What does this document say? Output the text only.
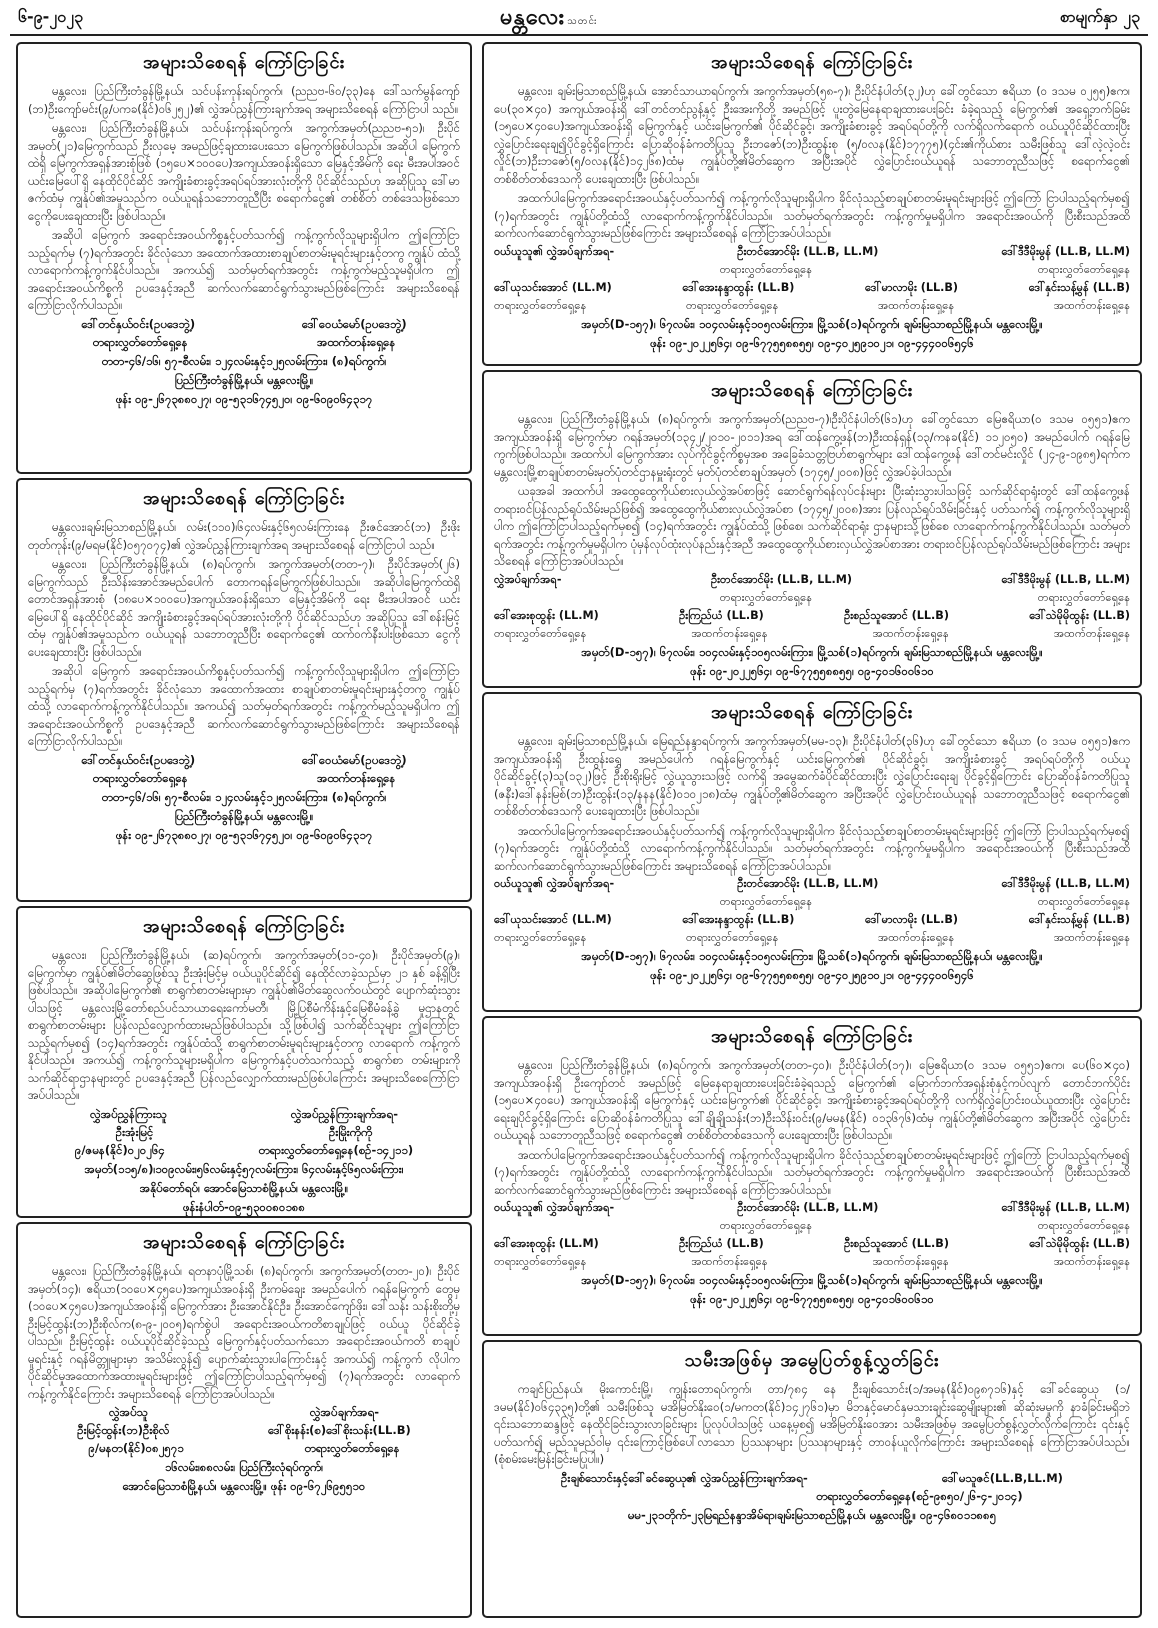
၆-၉-၂၀၂၃	မန္တလေး သတင်း	စာမျက်နှာ ၂၃
အများသိစေရန် ကြော်ငြာခြင်း

မန္တလေး၊ ပြည်ကြီးတံခွန်မြို့နယ်၊ သင်ပန်းကုန်းရပ်ကွက်၊ (ညညဗ-၆၀/၃၃)နေ ဒေါ်သက်မွန်ကျော် (ဘ)ဦးကျော်မင်း(၉/ပကခ(နိုင်)၀၆၂၅၂)၏ လွှဲအပ်ညွှန်ကြားချက်အရ အများသိစေရန် ကြော်ငြာပါ သည်။

မန္တလေး၊ ပြည်ကြီးတံခွန်မြို့နယ်၊ သင်ပန်းကုန်းရပ်ကွက်၊ အကွက်အမှတ်(ညညဗ-၅၁)၊ ဦးပိုင် အမှတ်(၂၁)မြေကွက်သည် ဦးလှမေ့ အမည်ဖြင့်ချထားပေးသော မြေကွက်ဖြစ်ပါသည်။ အဆိုပါ မြေကွက်ထဲရှိ မြေကွက်အရှန်အားစုံဖြစ် (၁၅ပေ×၁၀၀ပေ)အကျယ်အဝန်းရှိသော မြေနှင့်အိမ်ကို ရေး မီးအပါအဝင် ယင်းမြေပေါ်ရှိ နေထိုင်ပိုင်ဆိုင် အကျိုးခံစားခွင့်အရပ်ရပ်အားလုံးတို့ကို ပိုင်ဆိုင်သည်ဟု အဆိုပြုသူ ဒေါ်မာဇက်ထံမှ ကျွန်ုပ်၏အမှုသည်က ဝယ်ယူရန်သဘောတူညီပြီး စရောက်ငွေ၏ တစ်စိတ် တစ်ဒေသဖြစ်သော ငွေကိုပေးချေထားပြီး ဖြစ်ပါသည်။

အဆိုပါ မြေကွက် အရောင်းအဝယ်ကိစ္စနှင့်ပတ်သက်၍ ကန့်ကွက်လိုသူများရှိပါက ဤကြော်ငြာ သည့်ရက်မှ (၇)ရက်အတွင်း ခိုင်လုံသော အထောက်အထားစာချုပ်စာတမ်းမူရင်းများနှင့်တကွ ကျွန်ုပ် ထံသို့ လာရောက်ကန့်ကွက်နိုင်ပါသည်။ အကယ်၍ သတ်မှတ်ရက်အတွင်း ကန့်ကွက်မည့်သူမရှိပါက ဤအရောင်းအဝယ်ကိစ္စကို ဥပဒေနှင့်အညီ ဆက်လက်ဆောင်ရွက်သွားမည်ဖြစ်ကြောင်း အများသိစေရန် ကြော်ငြာလိုက်ပါသည်။

ဒေါ်တင်နှယ်ဝင်း(ဥပဒေဘွဲ့)	ဒေါ်ဝေယံမော်(ဥပဒေဘွဲ့)
တရားလွှတ်တော်ရှေ့နေ	အထက်တန်းရှေ့နေ
တတ-၄၆/၁၆၊ ၅၇-စီလမ်း၊ ၁၂၄လမ်းနှင့်၁၂၅လမ်းကြား၊ (၈)ရပ်ကွက်၊
ပြည်ကြီးတံခွန်မြို့နယ်၊ မန္တလေးမြို့။
ဖုန်း ၀၉-၂၆၇၃၈၈၀၂၇၊ ၀၉-၅၃၁၆၇၄၅၂၀၊ ၀၉-၆၀၉၀၆၄၃၁၇
အများသိစေရန် ကြော်ငြာခြင်း

မန္တလေး၊ချမ်းမြသာစည်မြို့နယ်၊ လမ်း(၁၁၀)၊၆၄လမ်းနှင့်၆၅လမ်းကြားနေ ဦးဇင်အောင်(ဘ) ဦးဖိုးတုတ်ကုန်း(၉/မရမ(နိုင်)၀၅၇၀၇၄)၏ လွှဲအပ်ညွှန်ကြားချက်အရ အများသိစေရန် ကြော်ငြာပါ သည်။

မန္တလေး၊ ပြည်ကြီးတံခွန်မြို့နယ်၊ (၈)ရပ်ကွက်၊ အကွက်အမှတ်(တတ-၇)၊ ဦးပိုင်အမှတ်(၂၆) မြေကွက်သည် ဦးသိန်းအောင်အမည်ပေါက် တောကရန်မြေကွက်ဖြစ်ပါသည်။ အဆိုပါမြေကွက်ထဲရှိ တောင်အရှန်အားစုံ (၁၈ပေ×၁၀၀ပေ)အကျယ်အဝန်းရှိသော မြေနှင့်အိမ်ကို ရေး မီးအပါအဝင် ယင်းမြေပေါ်ရှိ နေထိုင်ပိုင်ဆိုင် အကျိုးခံစားခွင့်အရပ်ရပ်အားလုံးတို့ကို ပိုင်ဆိုင်သည်ဟု အဆိုပြုသူ ဒေါ်စန်းမြင့်ထံမှ ကျွန်ုပ်၏အမှုသည်က ဝယ်ယူရန် သဘောတူညီပြီး စရောက်ငွေ၏ ထက်ဝက်နီးပါးဖြစ်သော ငွေကို ပေးချေထားပြီး ဖြစ်ပါသည်။

အဆိုပါ မြေကွက် အရောင်းအဝယ်ကိစ္စနှင့်ပတ်သက်၍ ကန့်ကွက်လိုသူများရှိပါက ဤကြော်ငြာ သည့်ရက်မှ (၇)ရက်အတွင်း ခိုင်လုံသော အထောက်အထား စာချုပ်စာတမ်းမူရင်းများနှင့်တကွ ကျွန်ုပ် ထံသို့ လာရောက်ကန့်ကွက်နိုင်ပါသည်။ အကယ်၍ သတ်မှတ်ရက်အတွင်း ကန့်ကွက်မည့်သူမရှိပါက ဤအရောင်းအဝယ်ကိစ္စကို ဥပဒေနှင့်အညီ ဆက်လက်ဆောင်ရွက်သွားမည်ဖြစ်ကြောင်း အများသိစေရန် ကြော်ငြာလိုက်ပါသည်။

ဒေါ်တင်နှယ်ဝင်း(ဥပဒေဘွဲ့)	ဒေါ်ဝေယံမော်(ဥပဒေဘွဲ့)
တရားလွှတ်တော်ရှေ့နေ	အထက်တန်းရှေ့နေ
တတ-၄၆/၁၆၊ ၅၇-စီလမ်း၊ ၁၂၄လမ်းနှင့်၁၂၅လမ်းကြား၊ (၈)ရပ်ကွက်၊
ပြည်ကြီးတံခွန်မြို့နယ်၊ မန္တလေးမြို့။
ဖုန်း ၀၉-၂၆၇၃၈၈၀၂၇၊ ၀၉-၅၃၁၆၇၄၅၂၀၊ ၀၉-၆၀၉၀၆၄၃၁၇
အများသိစေရန် ကြော်ငြာခြင်း

မန္တလေး၊ ပြည်ကြီးတံခွန်မြို့နယ်၊ (ဆ)ရပ်ကွက်၊ အကွက်အမှတ်(၁၁-၄၀)၊ ဦးပိုင်အမှတ်(၉)၊ မြေကွက်မှာ ကျွန်ုပ်၏မိတ်ဆွေဖြစ်သူ ဦးအုံးမြင့်မှ ဝယ်ယူပိုင်ဆိုင်၍ နေထိုင်လာခဲ့သည်မှာ ၂၁ နှစ် ခန့်ရှိပြီး ဖြစ်ပါသည်။ အဆိုပါမြေကွက်၏ စာရွက်စာတမ်းများမှာ ကျွန်ုပ်၏မိတ်ဆွေလက်ဝယ်တွင် ပျောက်ဆုံးသွားပါသဖြင့် မန္တလေးမြို့တော်စည်ပင်သာယာရေးကော်မတီ၊ မြို့ပြစီမံကိန်းနှင့်မြေစီမံခန့်ခွဲ မှုဌာနတွင် စာရွက်စာတမ်းများ ပြန်လည်လျှောက်ထားမည်ဖြစ်ပါသည်။ သို့ဖြစ်ပါ၍ သက်ဆိုင်သူများ ဤကြော်ငြာသည့်ရက်မှစ၍ (၁၄)ရက်အတွင်း ကျွန်ုပ်ထံသို့ စာရွက်စာတမ်းမူရင်းများနှင့်တကွ လာရောက် ကန့်ကွက်နိုင်ပါသည်။ အကယ်၍ ကန့်ကွက်သူများမရှိပါက မြေကွက်နှင့်ပတ်သက်သည့် စာရွက်စာ တမ်းများကို သက်ဆိုင်ရာဌာနများတွင် ဥပဒေနှင့်အညီ ပြန်လည်လျှောက်ထားမည်ဖြစ်ပါကြောင်း အများသိစေကြော်ငြာအပ်ပါသည်။

လွှဲအပ်ညွှန်ကြားသူ	လွှဲအပ်ညွှန်ကြားချက်အရ-
ဦးအုံးမြင့်	ဦးမြိုးကိုကို
၉/ဇမန(နိုင်)၀၂၀၂၆၄	တရားလွှတ်တော်ရှေ့နေ(စဉ်-၁၄၂၁၁)
အမှတ်(၁၁၅/၈)၊၁၀၉လမ်း၊၅၆လမ်းနှင့်၅၇လမ်းကြား၊ ၆၄လမ်းနှင့်၆၅လမ်းကြား၊
အနိုပ်တော်ရပ်၊ အောင်မြေသာစံမြို့နယ်၊ မန္တလေးမြို့။
ဖုန်းနံပါတ်-၀၉-၅၃၀၀၈၀၁၈၈
အများသိစေရန် ကြော်ငြာခြင်း

မန္တလေး၊ ပြည်ကြီးတံခွန်မြို့နယ်၊ ရတနာပုံမြို့သစ်၊ (၈)ရပ်ကွက်၊ အကွက်အမှတ်(တတ-၂၀)၊ ဦးပိုင်အမှတ်(၁၄)၊ ဧရိယာ(၁၀ပေ×၄၅ပေ)အကျယ်အဝန်းရှိ ဦးကမ်ချေး အမည်ပေါက် ဂရန်မြေကွက် တွေမှ (၁၀ပေ×၄၅ပေ)အကျယ်အဝန်းရှိ မြေကွက်အား ဦးအောင်နိုင်ဦး၊ ဦးအောင်ကျော်ဖိုး၊ ဒေါ်သန်း သန်းစိုးတို့မှ ဦးမြင့်ထွန်း(ဘ)ဦးစိုလ်က(၈-၉-၂၀၀၅)ရက်စွဲပါ အရောင်းအဝယ်ကတိစာချုပ်ဖြင့် ဝယ်ယူ ပိုင်ဆိုင်ခဲ့ပါသည်။ ဦးမြင့်ထွန်း ဝယ်ယူပိုင်ဆိုင်ခဲ့သည့် မြေကွက်နှင့်ပတ်သက်သော အရောင်းအဝယ်ကတိ စာချုပ်မူရင်းနှင့် ဂရန်မိတ္တူများမှာ အသိမ်းလွန်၍ ပျောက်ဆုံးသွားပါကြောင်းနှင့် အကယ်၍ ကန့်ကွက် လိုပါက ပိုင်ဆိုင်မှုအထောက်အထားမူရင်းများဖြင့် ဤကြော်ငြာပါသည့်ရက်မှစ၍ (၇)ရက်အတွင်း လာရောက်ကန့်ကွက်နိုင်ကြောင်း အများသိစေရန် ကြော်ငြာအပ်ပါသည်။

လွှဲအပ်သူ	လွှဲအပ်ချက်အရ-
ဦးမြင့်ထွန်း(ဘ)ဦးစိုလ်	ဒေါ်စိုးနန်း(စ)ဒေါ်စိုးသန်း(LL.B)
၉/မနတ(နိုင်)၀၈၂၅၇၁	တရားလွှတ်တော်ရှေ့နေ
၁၆လမ်း၊၈၈လမ်း၊ ပြည်ကြီးလုံရပ်ကွက်၊
အောင်မြေသာစံမြို့နယ်၊ မန္တလေးမြို့။ ဖုန်း ၀၉-၆၇၂၆၉၅၅၁၀
အများသိစေရန် ကြော်ငြာခြင်း

မန္တလေး၊ ချမ်းမြသာစည်မြို့နယ်၊ အောင်သာယာရပ်ကွက်၊ အကွက်အမှတ်(၅၈-၇)၊ ဦးပိုင်နံပါတ်(၃၂)ဟု ခေါ်တွင်သော ဧရိယာ (၀ ဒသမ ၀၂၅၅)ဧက၊ ပေ(၃၀×၄၀) အကျယ်အဝန်းရှိ ဒေါ်တင်တင်ညွန့်နှင့် ဦးအေးကိုတို့ အမည်ဖြင့် ပူးတွဲမြေနေရာချထားပေးခြင်း ခံခဲ့ရသည့် မြေကွက်၏ အရှေ့ဘက်ခြမ်း (၁၅ပေ×၄၀ပေ)အကျယ်အဝန်းရှိ မြေကွက်နှင့် ယင်းမြေကွက်၏ ပိုင်ဆိုင်ခွင့်၊ အကျိုးခံစားခွင့် အရပ်ရပ်တို့ကို လက်ရှိလက်ရောက် ဝယ်ယူပိုင်ဆိုင်ထားပြီး လွှဲပြောင်းရေးချ၍ပိုင်ခွင့်ရှိကြောင်း ပြောဆိုဝန်ခံကတိပြုသူ ဦးဘဇော်(ဘ)ဦးထွန်းစု (၅/ဝလန(နိုင်)၁၇၇၇၅)(၄င်း၏ကိုယ်စား သမီးဖြစ်သူ ဒေါ်လဲ့လဲ့ဝင်းလှိုင်(ဘ)ဦးဘဇော်(၅/ဝလန(နိုင်)၁၄၂၆၈)ထံမှ ကျွန်ုပ်တို့၏မိတ်ဆွေက အပြီးအပိုင် လွှဲပြောင်းဝယ်ယူရန် သဘောတူညီသဖြင့် စရောက်ငွေ၏ တစ်စိတ်တစ်ဒေသကို ပေးချေထားပြီး ဖြစ်ပါသည်။

အထက်ပါမြေကွက်အရောင်းအဝယ်နှင့်ပတ်သက်၍ ကန့်ကွက်လိုသူများရှိပါက ခိုင်လုံသည့်စာချုပ်စာတမ်းမူရင်းများဖြင့် ဤကြော် ငြာပါသည့်ရက်မှစ၍ (၇)ရက်အတွင်း ကျွန်ုပ်တို့ထံသို့ လာရောက်ကန့်ကွက်နိုင်ပါသည်။ သတ်မှတ်ရက်အတွင်း ကန့်ကွက်မှုမရှိပါက အရောင်းအဝယ်ကို ပြီးစီးသည်အထိ ဆက်လက်ဆောင်ရွက်သွားမည်ဖြစ်ကြောင်း အများသိစေရန် ကြော်ငြာအပ်ပါသည်။

ဝယ်ယူသူ၏ လွှဲအပ်ချက်အရ-	ဦးတင်အောင်မိုး (LL.B, LL.M)	ဒေါ်ဒီဒီမိုးမွန် (LL.B, LL.M)
တရားလွှတ်တော်ရှေ့နေ	တရားလွှတ်တော်ရှေ့နေ
ဒေါ်ယုသင်းအောင် (LL.M)	ဒေါ်အေးနန္ဒာထွန်း (LL.B)	ဒေါ်မာလာမိုး (LL.B)	ဒေါ်နှင်းသန့်မွန် (LL.B)
တရားလွှတ်တော်ရှေ့နေ	တရားလွှတ်တော်ရှေ့နေ	အထက်တန်းရှေ့နေ	အထက်တန်းရှေ့နေ
အမှတ်(D-၁၅၇)၊ ၆၇လမ်း၊ ၁၀၄လမ်းနှင့်၁၀၅လမ်းကြား၊ မြို့သစ်(၁)ရပ်ကွက်၊ ချမ်းမြသာစည်မြို့နယ်၊ မန္တလေးမြို့။
ဖုန်း ၀၉-၂၀၂၂၅၆၄၊ ၀၉-၆၇၇၅၅၈၈၅၅၊ ၀၉-၄၀၂၅၉၁၀၂၁၊ ၀၉-၄၄၄၀၀၆၅၄၆
အများသိစေရန် ကြော်ငြာခြင်း

မန္တလေး၊ ပြည်ကြီးတံခွန်မြို့နယ်၊ (၈)ရပ်ကွက်၊ အကွက်အမှတ်(ညညဗ-၇)၊ဦးပိုင်နံပါတ်(၆၁)ဟု ခေါ်တွင်သော မြေဧရိယာ(၀ ဒသမ ၀၅၅၁)ဧက အကျယ်အဝန်းရှိ မြေကွက်မှာ ဂရန်အမှတ်(၁၃၄၂/၂၀၁၀-၂၀၁၁)အရ ဒေါ်ထန်ကွေ့ဖန်(ဘ)ဦးထန်ရှန်(၁၃/ကနခ(နိုင်) ၁၁၂၀၅၀) အမည်ပေါက် ဂရန်မြေကွက်ဖြစ်ပါသည်။ အထက်ပါ မြေကွက်အား လုပ်ကိုင်ခွင့်ကိစ္စမှအစ အခြေခံသတ္တဗြဟ်စာရွက်များ ဒေါ်ထန်ကွေ့ဖန် ဒေါ်တင်မင်းလှိုင် (၂၄-၉-၁၉၈၅)ရက်က မန္တလေးမြို့စာချုပ်စာတမ်းမှတ်ပုံတင်ဌာနမှူးရုံးတွင် မှတ်ပုံတင်စာချုပ်အမှတ် (၁၇၄၅/၂၀၀၈)ဖြင့် လွှဲအပ်ခဲ့ပါသည်။

ယခုအခါ အထက်ပါ အထွေထွေကိုယ်စားလှယ်လွှဲအပ်စာဖြင့် ဆောင်ရွက်ရန်လုပ်ငန်းများ ပြီးဆုံးသွားပါသဖြင့် သက်ဆိုင်ရာရုံးတွင် ဒေါ်ထန်ကွေ့ဖန် တရားဝင်ပြန်လည်ရုပ်သိမ်းမည်ဖြစ်၍ အထွေထွေကိုယ်စားလှယ်လွှဲအပ်စာ (၁၇၄၅/၂၀၀၈)အား ပြန်လည်ရုပ်သိမ်းခြင်းနှင့် ပတ်သက်၍ ကန့်ကွက်လိုသူများရှိပါက ဤကြော်ငြာပါသည့်ရက်မှစ၍ (၁၄)ရက်အတွင်း ကျွန်ုပ်ထံသို့ ဖြစ်စေ၊ သက်ဆိုင်ရာရုံး ဌာနများသို့ဖြစ်စေ လာရောက်ကန့်ကွက်နိုင်ပါသည်။ သတ်မှတ်ရက်အတွင်း ကန့်ကွက်မှုမရှိပါက ပုံမှန်လုပ်ထုံးလုပ်နည်းနှင့်အညီ အထွေထွေကိုယ်စားလှယ်လွှဲအပ်စာအား တရားဝင်ပြန်လည်ရုပ်သိမ်းမည်ဖြစ်ကြောင်း အများသိစေရန် ကြော်ငြာအပ်ပါသည်။

လွှဲအပ်ချက်အရ-	ဦးတင်အောင်မိုး (LL.B, LL.M)	ဒေါ်ဒီဒီမိုးမွန် (LL.B, LL.M)
တရားလွှတ်တော်ရှေ့နေ	တရားလွှတ်တော်ရှေ့နေ
ဒေါ်အေးစုထွန်း (LL.M)	ဦးကြည်ယံ (LL.B)	ဦးစည်သူအောင် (LL.B)	ဒေါ်သဲမိုမိုထွန်း (LL.B)
တရားလွှတ်တော်ရှေ့နေ	အထက်တန်းရှေ့နေ	အထက်တန်းရှေ့နေ	အထက်တန်းရှေ့နေ
အမှတ်(D-၁၅၇)၊ ၆၇လမ်း၊ ၁၀၄လမ်းနှင့်၁၀၅လမ်းကြား၊ မြို့သစ်(၁)ရပ်ကွက်၊ ချမ်းမြသာစည်မြို့နယ်၊ မန္တလေးမြို့။
ဖုန်း ၀၉-၂၀၂၂၅၆၄၊ ၀၉-၆၇၇၅၅၈၈၅၅၊ ၀၉-၄၀၁၆၀၀၆၁၀
အများသိစေရန် ကြော်ငြာခြင်း

မန္တလေး၊ ချမ်းမြသာစည်မြို့နယ်၊ မြေရည်နန္ဒာရပ်ကွက်၊ အကွက်အမှတ်(မမ-၁၃)၊ ဦးပိုင်နံပါတ်(၃၆)ဟု ခေါ်တွင်သော ဧရိယာ (၀ ဒသမ ၀၅၅၁)ဧက အကျယ်အဝန်းရှိ ဦးထွန်းရွှေ အမည်ပေါက် ဂရန်မြေကွက်နှင့် ယင်းမြေကွက်၏ ပိုင်ဆိုင်ခွင့်၊ အကျိုးခံစားခွင့် အရပ်ရပ်တို့ကို ဝယ်ယူပိုင်ဆိုင်ခွင့်(၃)သူ(၁၃၂)ဖြင့် ဦးစိုးရိုးမြင့် လွှဲယူသွားသဖြင့် လက်ရှိ အမွေဆက်ခံပိုင်ဆိုင်ထားပြီး လွှဲပြောင်းရေးချ ပိုင်ခွင့်ရှိကြောင်း ပြောဆိုဝန်ခံကတိပြုသူ (ဇနီး)ဒေါ်နန်းမြစ်(ဘ)ဦးထွန်း(၁၃/နနန(နိုင်)၀၁၀၂၁၈)ထံမှ ကျွန်ုပ်တို့၏မိတ်ဆွေက အပြီးအပိုင် လွှဲပြောင်းဝယ်ယူရန် သဘောတူညီသဖြင့် စရောက်ငွေ၏ တစ်စိတ်တစ်ဒေသကို ပေးချေထားပြီး ဖြစ်ပါသည်။

အထက်ပါမြေကွက်အရောင်းအဝယ်နှင့်ပတ်သက်၍ ကန့်ကွက်လိုသူများရှိပါက ခိုင်လုံသည့်စာချုပ်စာတမ်းမူရင်းများဖြင့် ဤကြော် ငြာပါသည့်ရက်မှစ၍ (၇)ရက်အတွင်း ကျွန်ုပ်တို့ထံသို့ လာရောက်ကန့်ကွက်နိုင်ပါသည်။ သတ်မှတ်ရက်အတွင်း ကန့်ကွက်မှုမရှိပါက အရောင်းအဝယ်ကို ပြီးစီးသည်အထိ ဆက်လက်ဆောင်ရွက်သွားမည်ဖြစ်ကြောင်း အများသိစေရန် ကြော်ငြာအပ်ပါသည်။

ဝယ်ယူသူ၏ လွှဲအပ်ချက်အရ-	ဦးတင်အောင်မိုး (LL.B, LL.M)	ဒေါ်ဒီဒီမိုးမွန် (LL.B, LL.M)
တရားလွှတ်တော်ရှေ့နေ	တရားလွှတ်တော်ရှေ့နေ
ဒေါ်ယုသင်းအောင် (LL.M)	ဒေါ်အေးနန္ဒာထွန်း (LL.B)	ဒေါ်မာလာမိုး (LL.B)	ဒေါ်နှင်းသန့်မွန် (LL.B)
တရားလွှတ်တော်ရှေ့နေ	တရားလွှတ်တော်ရှေ့နေ	အထက်တန်းရှေ့နေ	အထက်တန်းရှေ့နေ
အမှတ်(D-၁၅၇)၊ ၆၇လမ်း၊ ၁၀၄လမ်းနှင့်၁၀၅လမ်းကြား၊ မြို့သစ်(၁)ရပ်ကွက်၊ ချမ်းမြသာစည်မြို့နယ်၊ မန္တလေးမြို့။
ဖုန်း ၀၉-၂၀၂၂၅၆၄၊ ၀၉-၆၇၇၅၅၈၈၅၅၊ ၀၉-၄၀၂၅၉၁၀၂၁၊ ၀၉-၄၄၄၀၀၆၅၄၆
အများသိစေရန် ကြော်ငြာခြင်း

မန္တလေး၊ ပြည်ကြီးတံခွန်မြို့နယ်၊ (၈)ရပ်ကွက်၊ အကွက်အမှတ်(တတ-၄၀)၊ ဦးပိုင်နံပါတ်(၁၇)၊ မြေဧရိယာ(၀ ဒသမ ၀၅၅၁)ဧက၊ ပေ(၆၀×၄၀) အကျယ်အဝန်းရှိ ဦးကျော်တင် အမည်ဖြင့် မြေနေရာချထားပေးခြင်းခံခဲ့ရသည့် မြေကွက်၏ မြောက်ဘက်အရှန်းစုံနှင့်ကပ်လျက် တောင်ဘက်ပိုင်း (၁၅ပေ×၄၀ပေ) အကျယ်အဝန်းရှိ မြေကွက်နှင့် ယင်းမြေကွက်၏ ပိုင်ဆိုင်ခွင့်၊ အကျိုးခံစားခွင့်အရပ်ရပ်တို့ကို လက်ရှိလွှဲပြောင်းဝယ်ယူထားပြီး လွှဲပြောင်းရေးချပိုင်ခွင့်ရှိကြောင်း ပြောဆိုဝန်ခံကတိပြုသူ ဒေါ်ချိုချိုသန်း(ဘ)ဦးသိန်းဝင်း(၉/မမန(နိုင်) ၀၁၃၆၇၆)ထံမှ ကျွန်ုပ်တို့၏မိတ်ဆွေက အပြီးအပိုင် လွှဲပြောင်းဝယ်ယူရန် သဘောတူညီသဖြင့် စရောက်ငွေ၏ တစ်စိတ်တစ်ဒေသကို ပေးချေထားပြီး ဖြစ်ပါသည်။

အထက်ပါမြေကွက်အရောင်းအဝယ်နှင့်ပတ်သက်၍ ကန့်ကွက်လိုသူများရှိပါက ခိုင်လုံသည့်စာချုပ်စာတမ်းမူရင်းများဖြင့် ဤကြော် ငြာပါသည့်ရက်မှစ၍ (၇)ရက်အတွင်း ကျွန်ုပ်တို့ထံသို့ လာရောက်ကန့်ကွက်နိုင်ပါသည်။ သတ်မှတ်ရက်အတွင်း ကန့်ကွက်မှုမရှိပါက အရောင်းအဝယ်ကို ပြီးစီးသည်အထိ ဆက်လက်ဆောင်ရွက်သွားမည်ဖြစ်ကြောင်း အများသိစေရန် ကြော်ငြာအပ်ပါသည်။

ဝယ်ယူသူ၏ လွှဲအပ်ချက်အရ-	ဦးတင်အောင်မိုး (LL.B, LL.M)	ဒေါ်ဒီဒီမိုးမွန် (LL.B, LL.M)
တရားလွှတ်တော်ရှေ့နေ	တရားလွှတ်တော်ရှေ့နေ
ဒေါ်အေးစုထွန်း (LL.M)	ဦးကြည်ယံ (LL.B)	ဦးစည်သူအောင် (LL.B)	ဒေါ်သဲမိုမိုထွန်း (LL.B)
တရားလွှတ်တော်ရှေ့နေ	အထက်တန်းရှေ့နေ	အထက်တန်းရှေ့နေ	အထက်တန်းရှေ့နေ
အမှတ်(D-၁၅၇)၊ ၆၇လမ်း၊ ၁၀၄လမ်းနှင့်၁၀၅လမ်းကြား၊ မြို့သစ်(၁)ရပ်ကွက်၊ ချမ်းမြသာစည်မြို့နယ်၊ မန္တလေးမြို့။
ဖုန်း ၀၉-၂၀၂၂၅၆၄၊ ၀၉-၆၇၇၅၅၈၈၅၅၊ ၀၉-၄၀၁၆၀၀၆၁၀
သမီးအဖြစ်မှ အမွေပြတ်စွန့်လွှတ်ခြင်း

ကချင်ပြည်နယ်၊ မိုးကောင်းမြို့၊ ကျွန်းတောရပ်ကွက်၊ တာ/၇၈၄ နေ ဦးချစ်သောင်း(၁/အမန(နိုင်)၀၉၈၇၁၆)နှင့် ဒေါ်ခင်ဆွေယု (၁/ဒမမ(နိုင်)၀၆၄၃၃၅)တို့၏ သမီးဖြစ်သူ မအိမြတ်နိုးဝေ(၁/မကတ(နိုင်)၁၄၂၇၆၁)မှာ မိဘနှင့်မောင်နှမသားချင်းဆွေမျိုးများ၏ ဆိုဆုံးမမှုကို နာခံခြင်းမရှိဘဲ ၎င်းသဘောဆန္ဒဖြင့် နေထိုင်ခြင်းသွားလာခြင်းများ ပြုလုပ်ပါသဖြင့် ယနေ့မှစ၍ မအိမြတ်နိုးဝေအား သမီးအဖြစ်မှ အမွေပြတ်စွန့်လွှတ်လိုက်ကြောင်း ၎င်းနှင့်ပတ်သက်၍ မည်သူမည်ဝါမှ ၎င်းကြောင့်ဖြစ်ပေါ်လာသော ပြဿနာများ ပြဿနာများနှင့် တာဝန်ယူလိုက်ကြောင်း အများသိစေရန် ကြော်ငြာအပ်ပါသည်။ (စုံစမ်းမေးမြန်းခြင်းမပြုပါ။)

ဦးချစ်သောင်းနှင့်ဒေါ်ခင်ဆွေယု၏ လွှဲအပ်ညွှန်ကြားချက်အရ-	ဒေါ်မသူဇင်(LL.B,LL.M)
တရားလွှတ်တော်ရှေ့နေ(စဉ်-၉၈၅၀/၂၆-၄-၂၀၁၄)
မမ-၂၃၁တိုက်-၂၃မြရည်နန္ဒာအိမ်ရာ၊ချမ်းမြသာစည်မြို့နယ်၊ မန္တလေးမြို့။ ၀၉-၄၆၈၀၁၁၈၈၅
